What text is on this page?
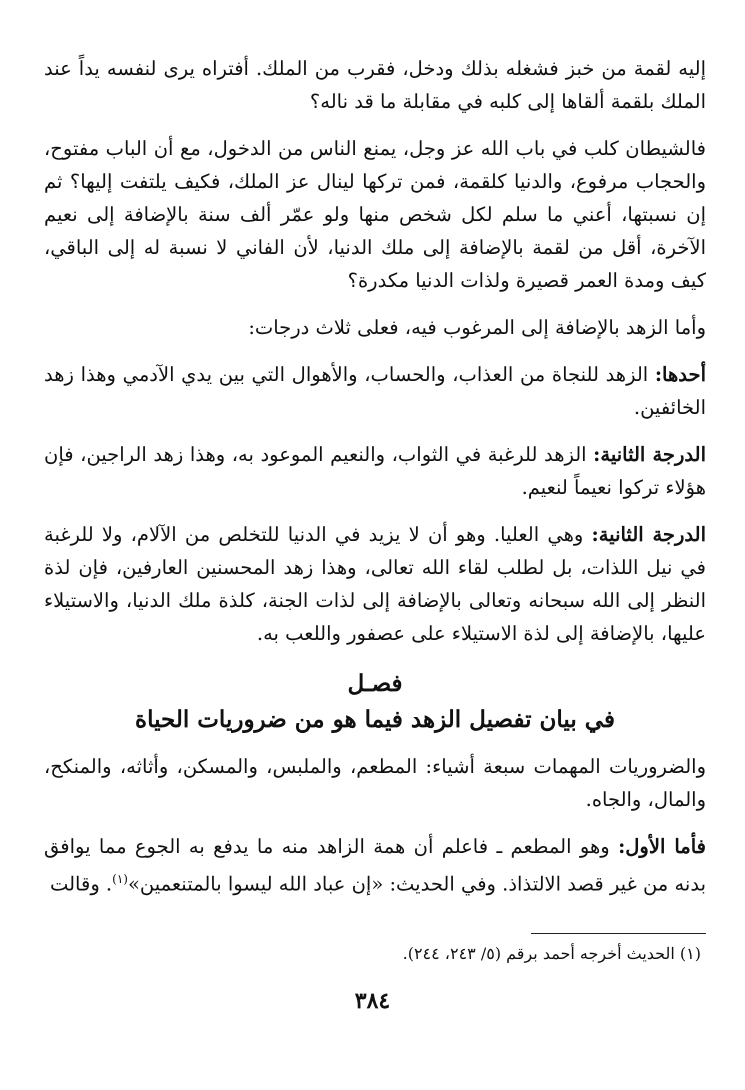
إليه لقمة من خبز فشغله بذلك ودخل، فقرب من الملك. أفتراه يرى لنفسه يداً عند الملك بلقمة ألقاها إلى كلبه في مقابلة ما قد ناله؟

فالشيطان كلب في باب الله عز وجل، يمنع الناس من الدخول، مع أن الباب مفتوح، والحجاب مرفوع، والدنيا كلقمة، فمن تركها لينال عز الملك، فكيف يلتفت إليها؟ ثم إن نسبتها، أعني ما سلم لكل شخص منها ولو عمّر ألف سنة بالإضافة إلى نعيم الآخرة، أقل من لقمة بالإضافة إلى ملك الدنيا، لأن الفاني لا نسبة له إلى الباقي، كيف ومدة العمر قصيرة ولذات الدنيا مكدرة؟

وأما الزهد بالإضافة إلى المرغوب فيه، فعلى ثلاث درجات:

أحدها: الزهد للنجاة من العذاب، والحساب، والأهوال التي بين يدي الآدمي وهذا زهد الخائفين.

الدرجة الثانية: الزهد للرغبة في الثواب، والنعيم الموعود به، وهذا زهد الراجين، فإن هؤلاء تركوا نعيماً لنعيم.

الدرجة الثانية: وهي العليا. وهو أن لا يزيد في الدنيا للتخلص من الآلام، ولا للرغبة في نيل اللذات، بل لطلب لقاء الله تعالى، وهذا زهد المحسنين العارفين، فإن لذة النظر إلى الله سبحانه وتعالى بالإضافة إلى لذات الجنة، كلذة ملك الدنيا، والاستيلاء عليها، بالإضافة إلى لذة الاستيلاء على عصفور واللعب به.

فصـل
في بيان تفصيل الزهد فيما هو من ضروريات الحياة

والضروريات المهمات سبعة أشياء: المطعم، والملبس، والمسكن، وأثاثه، والمنكح، والمال، والجاه.

فأما الأول: وهو المطعم ـ فاعلم أن همة الزاهد منه ما يدفع به الجوع مما يوافق بدنه من غير قصد الالتذاذ. وفي الحديث: «إن عباد الله ليسوا بالمتنعمين»$^{(١)}$. وقالت

(١) الحديث أخرجه أحمد برقم (٥/ ٢٤٣، ٢٤٤).
٣٨٤
